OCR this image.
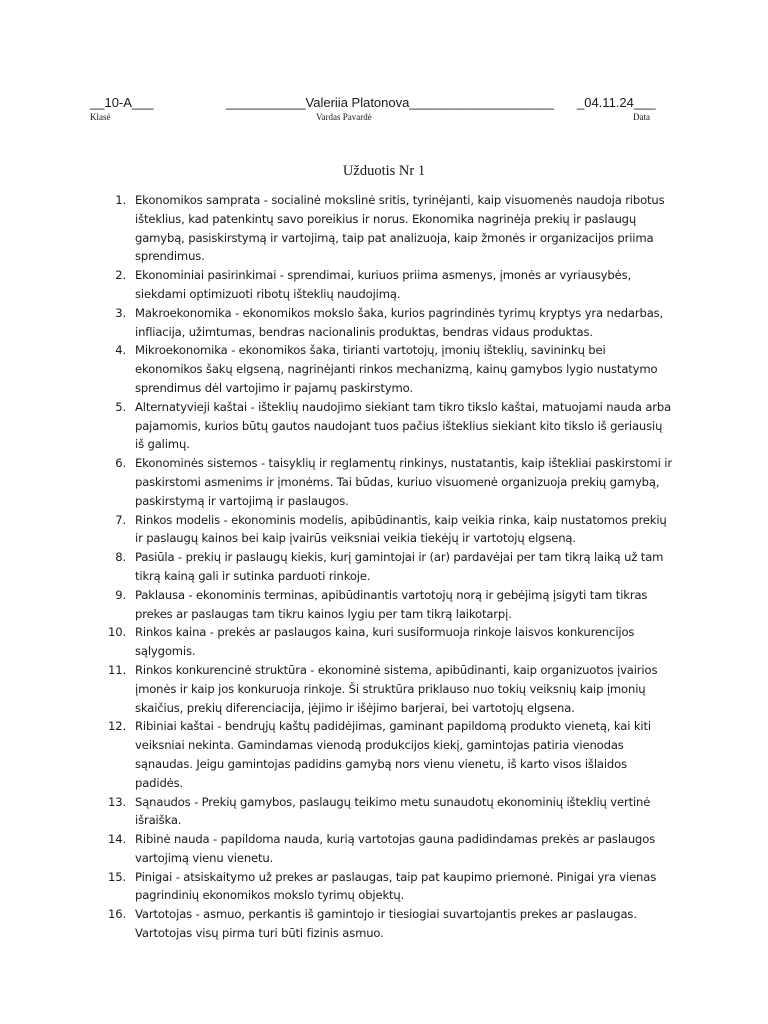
__10-A___	___________Valeriia Platonova____________________ _04.11.24___
Klasė	Vardas Pavardė	Data
Užduotis Nr 1
1. Ekonomikos samprata - socialinė mokslinė sritis, tyrinėjanti, kaip visuomenės naudoja ribotus išteklius, kad patenkintų savo poreikius ir norus. Ekonomika nagrinėja prekių ir paslaugų gamybą, pasiskirstymą ir vartojimą, taip pat analizuoja, kaip žmonės ir organizacijos priima sprendimus.
2. Ekonominiai pasirinkimai - sprendimai, kuriuos priima asmenys, įmonės ar vyriausybės, siekdami optimizuoti ribotų išteklių naudojimą.
3. Makroekonomika - ekonomikos mokslo šaka, kurios pagrindinės tyrimų kryptys yra nedarbas, infliacija, užimtumas, bendras nacionalinis produktas, bendras vidaus produktas.
4. Mikroekonomika - ekonomikos šaka, tirianti vartotojų, įmonių išteklių, savininkų bei ekonomikos šakų elgseną, nagrinėjanti rinkos mechanizmą, kainų gamybos lygio nustatymo sprendimus dėl vartojimo ir pajamų paskirstymo.
5. Alternatyvieji kaštai - išteklių naudojimo siekiant tam tikro tikslo kaštai, matuojami nauda arba pajamomis, kurios būtų gautos naudojant tuos pačius išteklius siekiant kito tikslo iš geriausių iš galimų.
6. Ekonominės sistemos - taisyklių ir reglamentų rinkinys, nustatantis, kaip ištekliai paskirstomi ir paskirstomi asmenims ir įmonėms. Tai būdas, kuriuo visuomenė organizuoja prekių gamybą, paskirstymą ir vartojimą ir paslaugos.
7. Rinkos modelis - ekonominis modelis, apibūdinantis, kaip veikia rinka, kaip nustatomos prekių ir paslaugų kainos bei kaip įvairūs veiksniai veikia tiekėjų ir vartotojų elgseną.
8. Pasiūla - prekių ir paslaugų kiekis, kurį gamintojai ir (ar) pardavėjai per tam tikrą laiką už tam tikrą kainą gali ir sutinka parduoti rinkoje.
9. Paklausa - ekonominis terminas, apibūdinantis vartotojų norą ir gebėjimą įsigyti tam tikras prekes ar paslaugas tam tikru kainos lygiu per tam tikrą laikotarpį.
10. Rinkos kaina - prekės ar paslaugos kaina, kuri susiformuoja rinkoje laisvos konkurencijos sąlygomis.
11. Rinkos konkurencinė struktūra - ekonominė sistema, apibūdinanti, kaip organizuotos įvairios įmonės ir kaip jos konkuruoja rinkoje. Ši struktūra priklauso nuo tokių veiksnių kaip įmonių skaičius, prekių diferenciacija, įėjimo ir išėjimo barjerai, bei vartotojų elgsena.
12. Ribiniai kaštai - bendrųjų kaštų padidėjimas, gaminant papildomą produkto vienetą, kai kiti veiksniai nekinta. Gamindamas vienodą produkcijos kiekį, gamintojas patiria vienodas sąnaudas. Jeigu gamintojas padidins gamybą nors vienu vienetu, iš karto visos išlaidos padidės.
13. Sąnaudos - Prekių gamybos, paslaugų teikimo metu sunaudotų ekonominių išteklių vertinė išraiška.
14. Ribinė nauda - papildoma nauda, kurią vartotojas gauna padidindamas prekės ar paslaugos vartojimą vienu vienetu.
15. Pinigai - atsiskaitymo už prekes ar paslaugas, taip pat kaupimo priemonė. Pinigai yra vienas pagrindinių ekonomikos mokslo tyrimų objektų.
16. Vartotojas - asmuo, perkantis iš gamintojo ir tiesiogiai suvartojantis prekes ar paslaugas. Vartotojas visų pirma turi būti fizinis asmuo.
